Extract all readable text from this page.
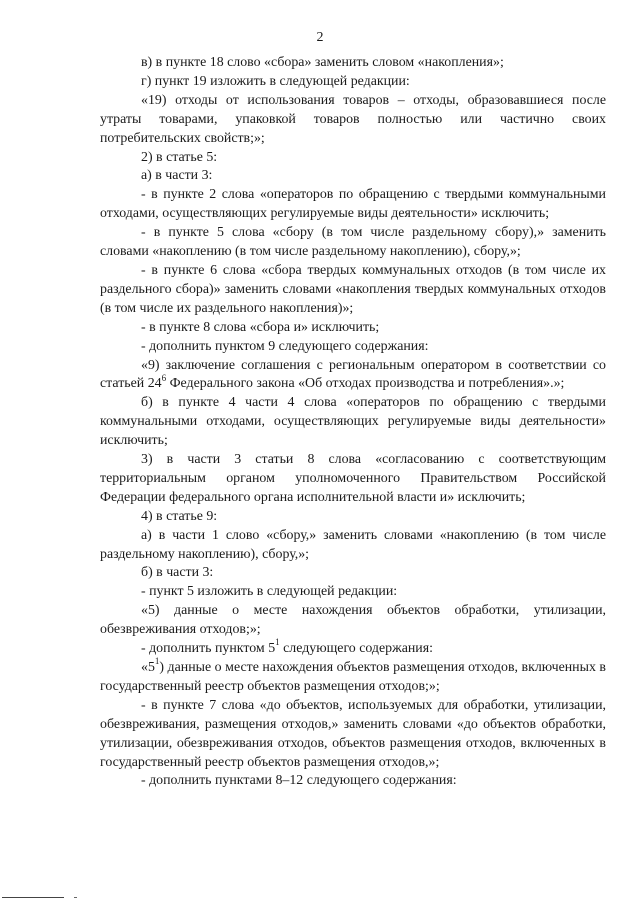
2

в) в пункте 18 слово «сбора» заменить словом «накопления»;

г) пункт 19 изложить в следующей редакции:

«19) отходы от использования товаров – отходы, образовавшиеся после утраты товарами, упаковкой товаров полностью или частично своих потребительских свойств;»;

2) в статье 5:

а) в части 3:

- в пункте 2 слова «операторов по обращению с твердыми коммунальными отходами, осуществляющих регулируемые виды деятельности» исключить;

- в пункте 5 слова «сбору (в том числе раздельному сбору),» заменить словами «накоплению (в том числе раздельному накоплению), сбору,»;

- в пункте 6 слова «сбора твердых коммунальных отходов (в том числе их раздельного сбора)» заменить словами «накопления твердых коммунальных отходов (в том числе их раздельного накопления)»;

- в пункте 8 слова «сбора и» исключить;

- дополнить пунктом 9 следующего содержания:

«9) заключение соглашения с региональным оператором в соответствии со статьей $24^6$ Федерального закона «Об отходах производства и потребления».»;

б) в пункте 4 части 4 слова «операторов по обращению с твердыми коммунальными отходами, осуществляющих регулируемые виды деятельности» исключить;

3) в части 3 статьи 8 слова «согласованию с соответствующим территориальным органом уполномоченного Правительством Российской Федерации федерального органа исполнительной власти и» исключить;

4) в статье 9:

а) в части 1 слово «сбору,» заменить словами «накоплению (в том числе раздельному накоплению), сбору,»;

б) в части 3:

- пункт 5 изложить в следующей редакции:

«5) данные о месте нахождения объектов обработки, утилизации, обезвреживания отходов;»;

- дополнить пунктом $5^1$ следующего содержания:

«$5^1$) данные о месте нахождения объектов размещения отходов, включенных в государственный реестр объектов размещения отходов;»;

- в пункте 7 слова «до объектов, используемых для обработки, утилизации, обезвреживания, размещения отходов,» заменить словами «до объектов обработки, утилизации, обезвреживания отходов, объектов размещения отходов, включенных в государственный реестр объектов размещения отходов,»;

- дополнить пунктами 8–12 следующего содержания:
